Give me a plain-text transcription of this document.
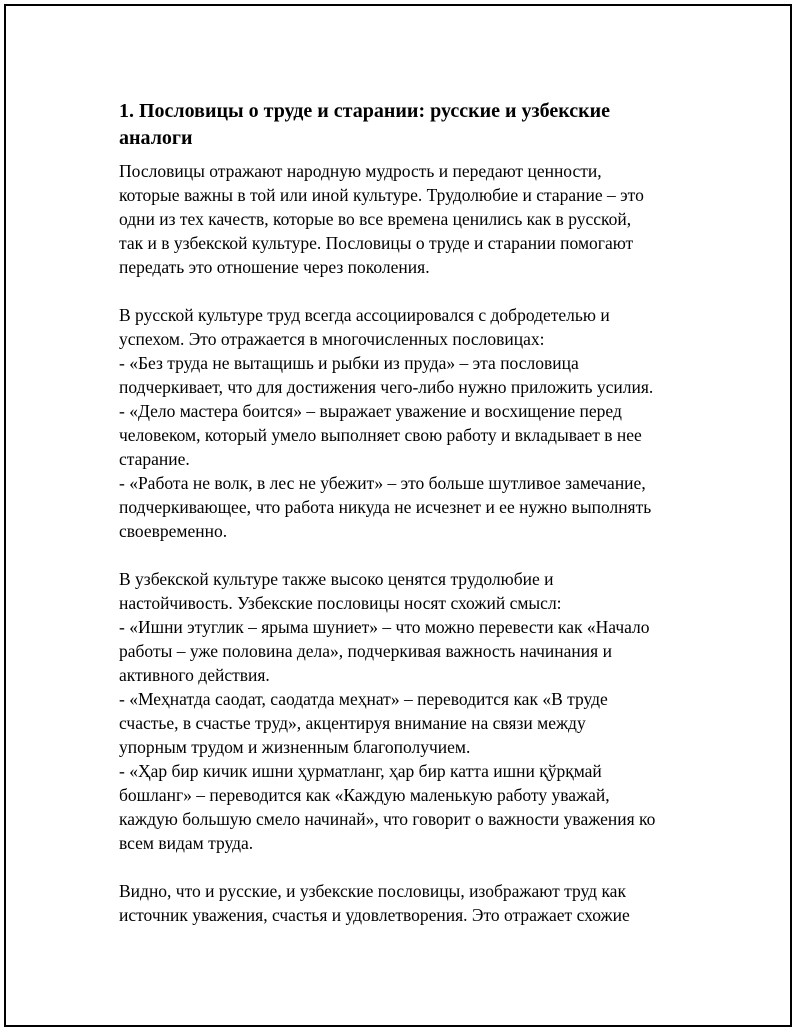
1. Пословицы о труде и старании: русские и узбекские
аналоги
Пословицы отражают народную мудрость и передают ценности,
которые важны в той или иной культуре. Трудолюбие и старание – это
одни из тех качеств, которые во все времена ценились как в русской,
так и в узбекской культуре. Пословицы о труде и старании помогают
передать это отношение через поколения.
В русской культуре труд всегда ассоциировался с добродетелью и
успехом. Это отражается в многочисленных пословицах:
- «Без труда не вытащишь и рыбки из пруда» – эта пословица
подчеркивает, что для достижения чего-либо нужно приложить усилия.
- «Дело мастера боится» – выражает уважение и восхищение перед
человеком, который умело выполняет свою работу и вкладывает в нее
старание.
- «Работа не волк, в лес не убежит» – это больше шутливое замечание,
подчеркивающее, что работа никуда не исчезнет и ее нужно выполнять
своевременно.
В узбекской культуре также высоко ценятся трудолюбие и
настойчивость. Узбекские пословицы носят схожий смысл:
- «Ишни этуглик – ярыма шуниет» – что можно перевести как «Начало
работы – уже половина дела», подчеркивая важность начинания и
активного действия.
- «Меҳнатда саодат, саодатда меҳнат» – переводится как «В труде
счастье, в счастье труд», акцентируя внимание на связи между
упорным трудом и жизненным благополучием.
- «Ҳар бир кичик ишни ҳурматланг, ҳар бир катта ишни қўрқмай
бошланг» – переводится как «Каждую маленькую работу уважай,
каждую большую смело начинай», что говорит о важности уважения ко
всем видам труда.
Видно, что и русские, и узбекские пословицы, изображают труд как
источник уважения, счастья и удовлетворения. Это отражает схожие
